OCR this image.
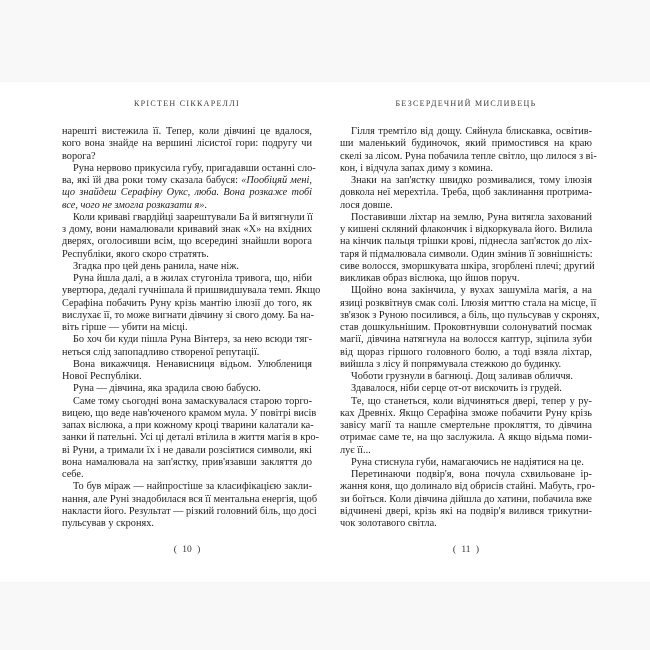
КРІСТЕН СІККАРЕЛЛІ
нарешті вистежила її. Тепер, коли дівчині це вдалося,
кого вона знайде на вершині лісистої гори: подругу чи
ворога?
Руна нервово прикусила губу, пригадавши останні сло-
ва, які їй два роки тому сказала бабуся: «Пообіцяй мені,
що знайдеш Серафіну Оукс, люба. Вона розкаже тобі
все, чого не змогла розказати я».
Коли криваві гвардійці заарештували Ба й витягнули її
з дому, вони намалювали кривавий знак «Х» на вхідних
дверях, оголосивши всім, що всередині знайшли ворога
Республіки, якого скоро стратять.
Згадка про цей день ранила, наче ніж.
Руна йшла далі, а в жилах стугоніла тривога, що, ніби
увертюра, дедалі гучнішала й пришвидшувала темп. Якщо
Серафіна побачить Руну крізь мантію ілюзії до того, як
вислухає її, то може вигнати дівчину зі свого дому. Ба на-
віть гірше — убити на місці.
Бо хоч би куди пішла Руна Вінтерз, за нею всюди тяг-
неться слід запопадливо створеної репутації.
Вона викажчиця. Ненависниця відьом. Улюблениця
Нової Республіки.
Руна — дівчина, яка зрадила свою бабусю.
Саме тому сьогодні вона замаскувалася старою торго-
вицею, що веде нав'юченого крамом мула. У повітрі висів
запах віслюка, а при кожному кроці тварини калатали ка-
занки й пательні. Усі ці деталі втілила в життя магія в кро-
ві Руни, а тримали їх і не давали розсіятися символи, які
вона намалювала на зап'ястку, прив'язавши закляття до
себе.
То був міраж — найпростіше за класифікацією закли-
нання, але Руні знадобилася вся її ментальна енергія, щоб
накласти його. Результат — різкий головний біль, що досі
пульсував у скронях.
( 10 )
БЕЗСЕРДЕЧНИЙ МИСЛИВЕЦЬ
Гілля тремтіло від дощу. Сяйнула блискавка, освітив-
ши маленький будиночок, який примостився на краю
скелі за лісом. Руна побачила тепле світло, що лилося з ві-
кон, і відчула запах диму з комина.
Знаки на зап'ястку швидко розмивалися, тому ілюзія
довкола неї мерехтіла. Треба, щоб заклинання протрима-
лося довше.
Поставивши ліхтар на землю, Руна витягла захований
у кишені скляний флакончик і відкоркувала його. Вилила
на кінчик пальця трішки крові, піднесла зап'ясток до ліх-
таря й підмалювала символи. Один змінив її зовнішність:
сиве волосся, зморшкувата шкіра, згорблені плечі; другий
викликав образ віслюка, що йшов поруч.
Щойно вона закінчила, у вухах зашуміла магія, а на
язиці розквітнув смак солі. Ілюзія миттю стала на місце, її
зв'язок з Руною посилився, а біль, що пульсував у скронях,
став дошкульнішим. Проковтнувши солонуватий посмак
магії, дівчина натягнула на волосся каптур, зціпила зуби
від щораз гіршого головного болю, а тоді взяла ліхтар,
вийшла з лісу й попрямувала стежкою до будинку.
Чоботи грузнули в багнюці. Дощ заливав обличчя.
Здавалося, ніби серце от-от вискочить із грудей.
Те, що станеться, коли відчиняться двері, тепер у ру-
ках Древніх. Якщо Серафіна зможе побачити Руну крізь
завісу магії та нашле смертельне прокляття, то дівчина
отримає саме те, на що заслужила. А якщо відьма поми-
лує її...
Руна стиснула губи, намагаючись не надіятися на це.
Перетинаючи подвір'я, вона почула схвильоване ір-
жання коня, що долинало від обрисів стайні. Мабуть, гро-
зи боїться. Коли дівчина дійшла до хатини, побачила вже
відчинені двері, крізь які на подвір'я вилився трикутни-
чок золотавого світла.
( 11 )
